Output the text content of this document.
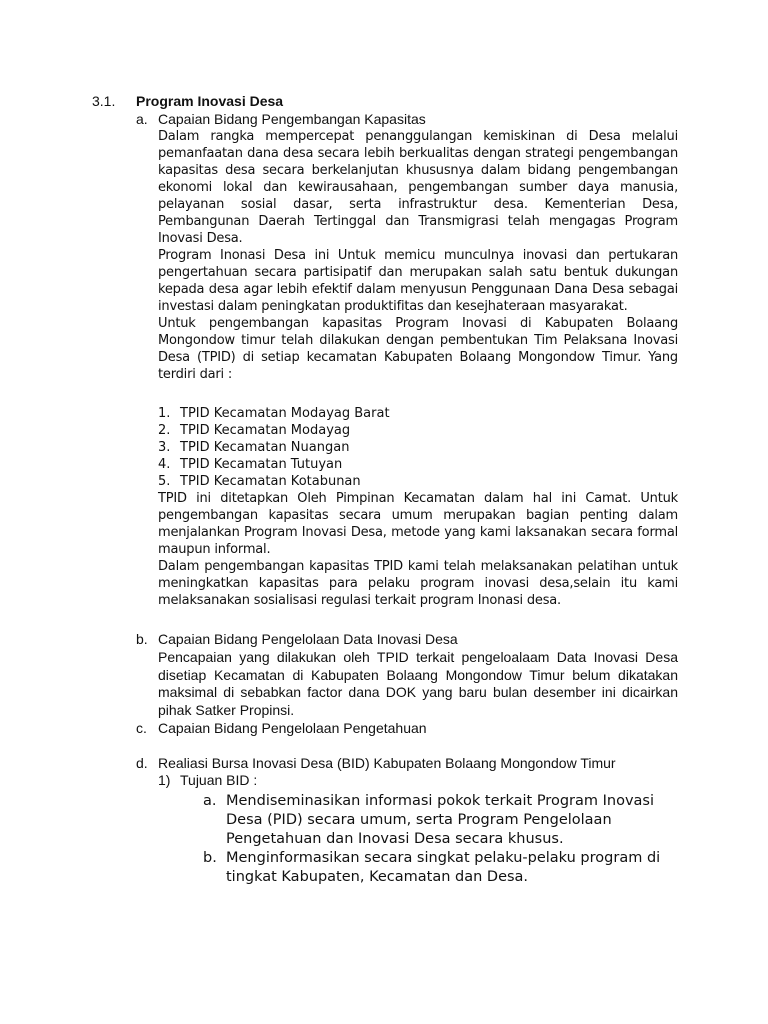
3.1. Program Inovasi Desa
a. Capaian Bidang Pengembangan Kapasitas

Dalam rangka mempercepat penanggulangan kemiskinan di Desa melalui pemanfaatan dana desa secara lebih berkualitas dengan strategi pengembangan kapasitas desa secara berkelanjutan khususnya dalam bidang pengembangan ekonomi lokal dan kewirausahaan, pengembangan sumber daya manusia, pelayanan sosial dasar, serta infrastruktur desa. Kementerian Desa, Pembangunan Daerah Tertinggal dan Transmigrasi telah mengagas Program Inovasi Desa.

Program Inonasi Desa ini Untuk memicu munculnya inovasi dan pertukaran pengertahuan secara partisipatif dan merupakan salah satu bentuk dukungan kepada desa agar lebih efektif dalam menyusun Penggunaan Dana Desa sebagai investasi dalam peningkatan produktifitas dan kesejhateraan masyarakat.

Untuk pengembangan kapasitas Program Inovasi di Kabupaten Bolaang Mongondow timur telah dilakukan dengan pembentukan Tim Pelaksana Inovasi Desa (TPID) di setiap kecamatan Kabupaten Bolaang Mongondow Timur. Yang terdiri dari :

1. TPID Kecamatan Modayag Barat
2. TPID Kecamatan Modayag
3. TPID Kecamatan Nuangan
4. TPID Kecamatan Tutuyan
5. TPID Kecamatan Kotabunan

TPID ini ditetapkan Oleh Pimpinan Kecamatan dalam hal ini Camat. Untuk pengembangan kapasitas secara umum merupakan bagian penting dalam menjalankan Program Inovasi Desa, metode yang kami laksanakan secara formal maupun informal.

Dalam pengembangan kapasitas TPID kami telah melaksanakan pelatihan untuk meningkatkan kapasitas para pelaku program inovasi desa,selain itu kami melaksanakan sosialisasi regulasi terkait program Inonasi desa.

b. Capaian Bidang Pengelolaan Data Inovasi Desa

Pencapaian yang dilakukan oleh TPID terkait pengeloalaam Data Inovasi Desa disetiap Kecamatan di Kabupaten Bolaang Mongondow Timur belum dikatakan maksimal di sebabkan factor dana DOK yang baru bulan desember ini dicairkan pihak Satker Propinsi.

c. Capaian Bidang Pengelolaan Pengetahuan
d. Realiasi Bursa Inovasi Desa (BID) Kabupaten Bolaang Mongondow Timur
1) Tujuan BID :
a. Mendiseminasikan informasi pokok terkait Program Inovasi Desa (PID) secara umum, serta Program Pengelolaan Pengetahuan dan Inovasi Desa secara khusus.
b. Menginformasikan secara singkat pelaku-pelaku program di tingkat Kabupaten, Kecamatan dan Desa.
